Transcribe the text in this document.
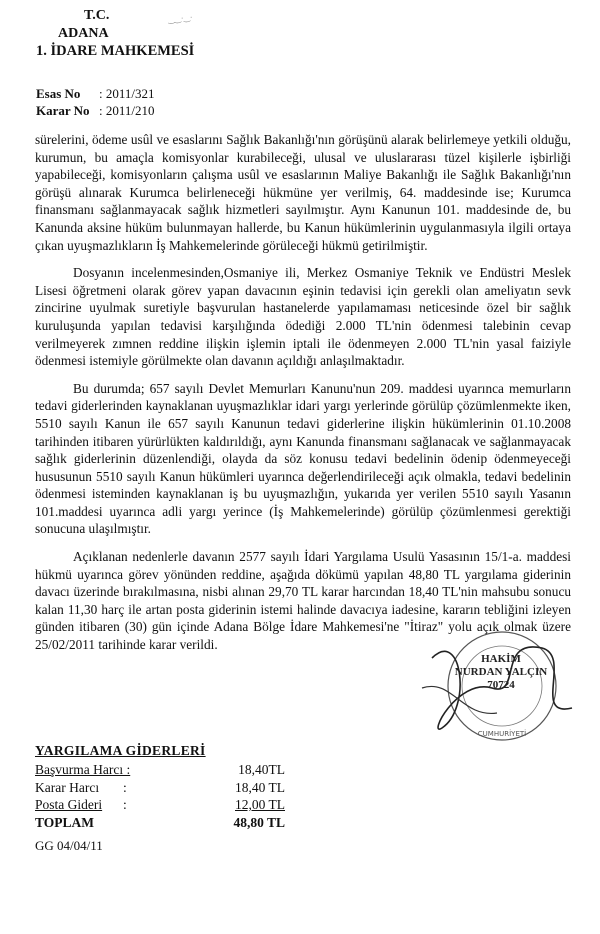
T.C.	‿‿·‿·
ADANA
1. İDARE MAHKEMESİ
Esas No : 2011/321
Karar No : 2011/210

sürelerini, ödeme usûl ve esaslarını Sağlık Bakanlığı'nın görüşünü alarak belirlemeye yetkili olduğu, kurumun, bu amaçla komisyonlar kurabileceği, ulusal ve uluslararası tüzel kişilerle işbirliği yapabileceği, komisyonların çalışma usûl ve esaslarının Maliye Bakanlığı ile Sağlık Bakanlığı'nın görüşü alınarak Kurumca belirleneceği hükmüne yer verilmiş, 64. maddesinde ise; Kurumca finansmanı sağlanmayacak sağlık hizmetleri sayılmıştır. Aynı Kanunun 101. maddesinde de, bu Kanunda aksine hüküm bulunmayan hallerde, bu Kanun hükümlerinin uygulanmasıyla ilgili ortaya çıkan uyuşmazlıkların İş Mahkemelerinde görüleceği hükmü getirilmiştir.

Dosyanın incelenmesinden,Osmaniye ili, Merkez Osmaniye Teknik ve Endüstri Meslek Lisesi öğretmeni olarak görev yapan davacının eşinin tedavisi için gerekli olan ameliyatın sevk zincirine uyulmak suretiyle başvurulan hastanelerde yapılamaması neticesinde özel bir sağlık kuruluşunda yapılan tedavisi karşılığında ödediği 2.000 TL'nin ödenmesi talebinin cevap verilmeyerek zımnen reddine ilişkin işlemin iptali ile ödenmeyen 2.000 TL'nin yasal faiziyle ödenmesi istemiyle görülmekte olan davanın açıldığı anlaşılmaktadır.

Bu durumda; 657 sayılı Devlet Memurları Kanunu'nun 209. maddesi uyarınca memurların tedavi giderlerinden kaynaklanan uyuşmazlıklar idari yargı yerlerinde görülüp çözümlenmekte iken, 5510 sayılı Kanun ile 657 sayılı Kanunun tedavi giderlerine ilişkin hükümlerinin 01.10.2008 tarihinden itibaren yürürlükten kaldırıldığı, aynı Kanunda finansmanı sağlanacak ve sağlanmayacak sağlık giderlerinin düzenlendiği, olayda da söz konusu tedavi bedelinin ödenip ödenmeyeceği hususunun 5510 sayılı Kanun hükümleri uyarınca değerlendirileceği açık olmakla, tedavi bedelinin ödenmesi isteminden kaynaklanan iş bu uyuşmazlığın, yukarıda yer verilen 5510 sayılı Yasanın 101.maddesi uyarınca adli yargı yerince (İş Mahkemelerinde) görülüp çözümlenmesi gerektiği sonucuna ulaşılmıştır.

Açıklanan nedenlerle davanın 2577 sayılı İdari Yargılama Usulü Yasasının 15/1-a. maddesi hükmü uyarınca görev yönünden reddine, aşağıda dökümü yapılan 48,80 TL yargılama giderinin davacı üzerinde bırakılmasına, nisbi alınan 29,70 TL karar harcından 18,40 TL'nin mahsubu sonucu kalan 11,30 harç ile artan posta giderinin istemi halinde davacıya iadesine, kararın tebliğini izleyen günden itibaren (30) gün içinde Adana Bölge İdare Mahkemesi'ne "İtiraz" yolu açık olmak üzere 25/02/2011 tarihinde karar verildi.

CUMHURİYETİ
HAKİM
NURDAN YALÇIN
70724
YARGILAMA GİDERLERİ
Başvurma Harcı :	18,40TL
Karar Harcı :	18,40 TL
Posta Gideri :	12,00 TL
TOPLAM	48,80 TL
GG 04/04/11
